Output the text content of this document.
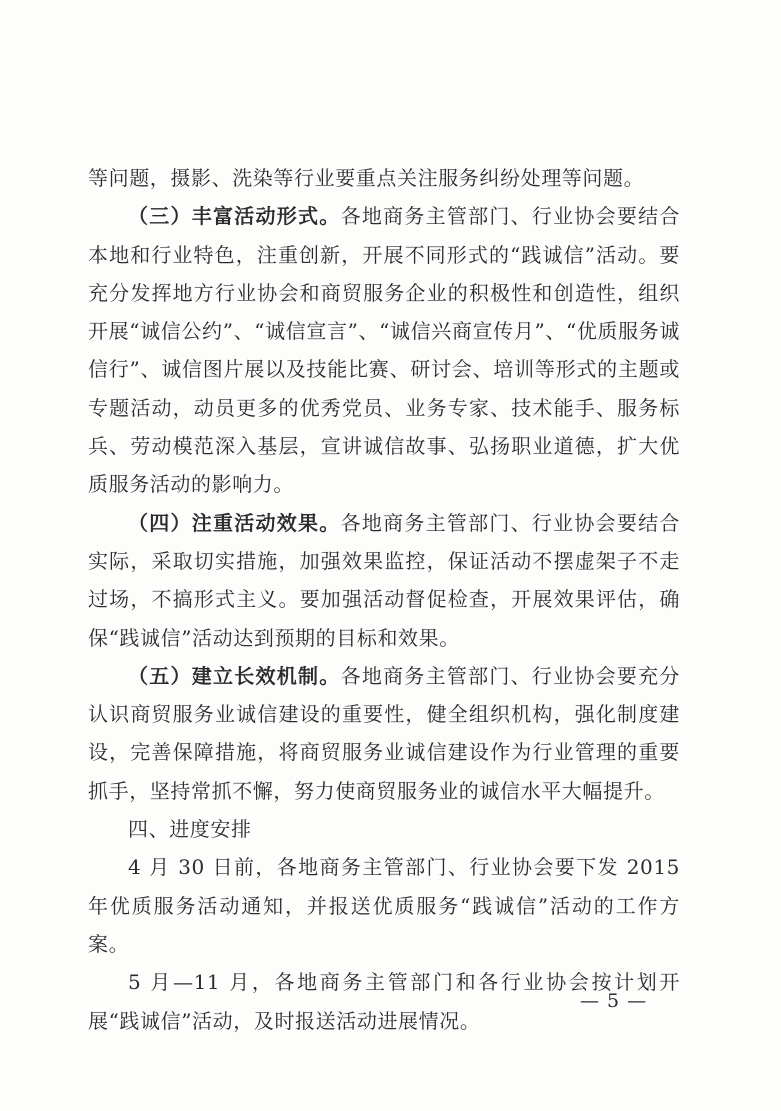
等问题，摄影、洗染等行业要重点关注服务纠纷处理等问题。

（三）丰富活动形式。各地商务主管部门、行业协会要结合本地和行业特色，注重创新，开展不同形式的“践诚信”活动。要充分发挥地方行业协会和商贸服务企业的积极性和创造性，组织开展“诚信公约”、“诚信宣言”、“诚信兴商宣传月”、“优质服务诚信行”、诚信图片展以及技能比赛、研讨会、培训等形式的主题或专题活动，动员更多的优秀党员、业务专家、技术能手、服务标兵、劳动模范深入基层，宣讲诚信故事、弘扬职业道德，扩大优质服务活动的影响力。

（四）注重活动效果。各地商务主管部门、行业协会要结合实际，采取切实措施，加强效果监控，保证活动不摆虚架子不走过场，不搞形式主义。要加强活动督促检查，开展效果评估，确保“践诚信”活动达到预期的目标和效果。

（五）建立长效机制。各地商务主管部门、行业协会要充分认识商贸服务业诚信建设的重要性，健全组织机构，强化制度建设，完善保障措施，将商贸服务业诚信建设作为行业管理的重要抓手，坚持常抓不懈，努力使商贸服务业的诚信水平大幅提升。

四、进度安排

4 月 30 日前，各地商务主管部门、行业协会要下发 2015 年优质服务活动通知，并报送优质服务“践诚信”活动的工作方案。

5 月—11 月，各地商务主管部门和各行业协会按计划开展“践诚信”活动，及时报送活动进展情况。

— 5 —
